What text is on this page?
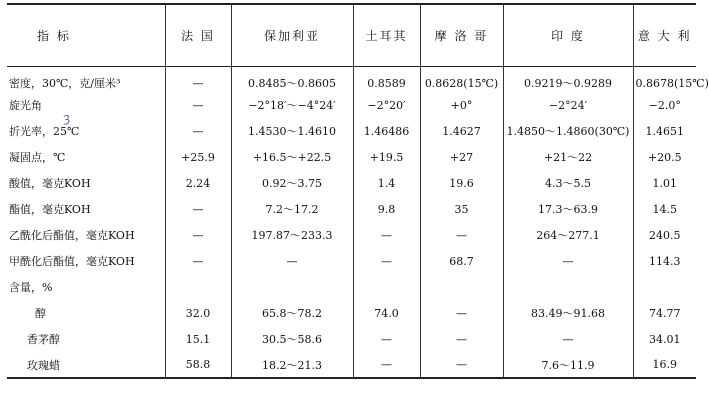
指 标	法 国	保加利亚	土耳其	摩 洛 哥	印 度	意 大 利
密度，30℃，克/厘米³	—	0.8485～0.8605	0.8589	0.8628(15℃)	0.9219～0.9289	0.8678(15℃)
旋光角	—	−2°18′～−4°24′	−2°20′	+0°	−2°24′	−2.0°
折光率，25℃	—	1.4530～1.4610	1.46486	1.4627	1.4850～1.4860(30℃)	1.4651
凝固点，℃	+25.9	+16.5～+22.5	+19.5	+27	+21～22	+20.5
酸值，毫克KOH	2.24	0.92～3.75	1.4	19.6	4.3～5.5	1.01
酯值，毫克KOH	—	7.2～17.2	9.8	35	17.3～63.9	14.5
乙酰化后酯值，毫克KOH	—	197.87～233.3	—	—	264～277.1	240.5
甲酰化后酯值，毫克KOH	—	—	—	68.7	—	114.3
含量，%						
醇	32.0	65.8～78.2	74.0	—	83.49～91.68	74.77
香茅醇	15.1	30.5～58.6	—	—	—	34.01
玫瑰蜡	58.8	18.2～21.3	—	—	7.6～11.9	16.9
3
